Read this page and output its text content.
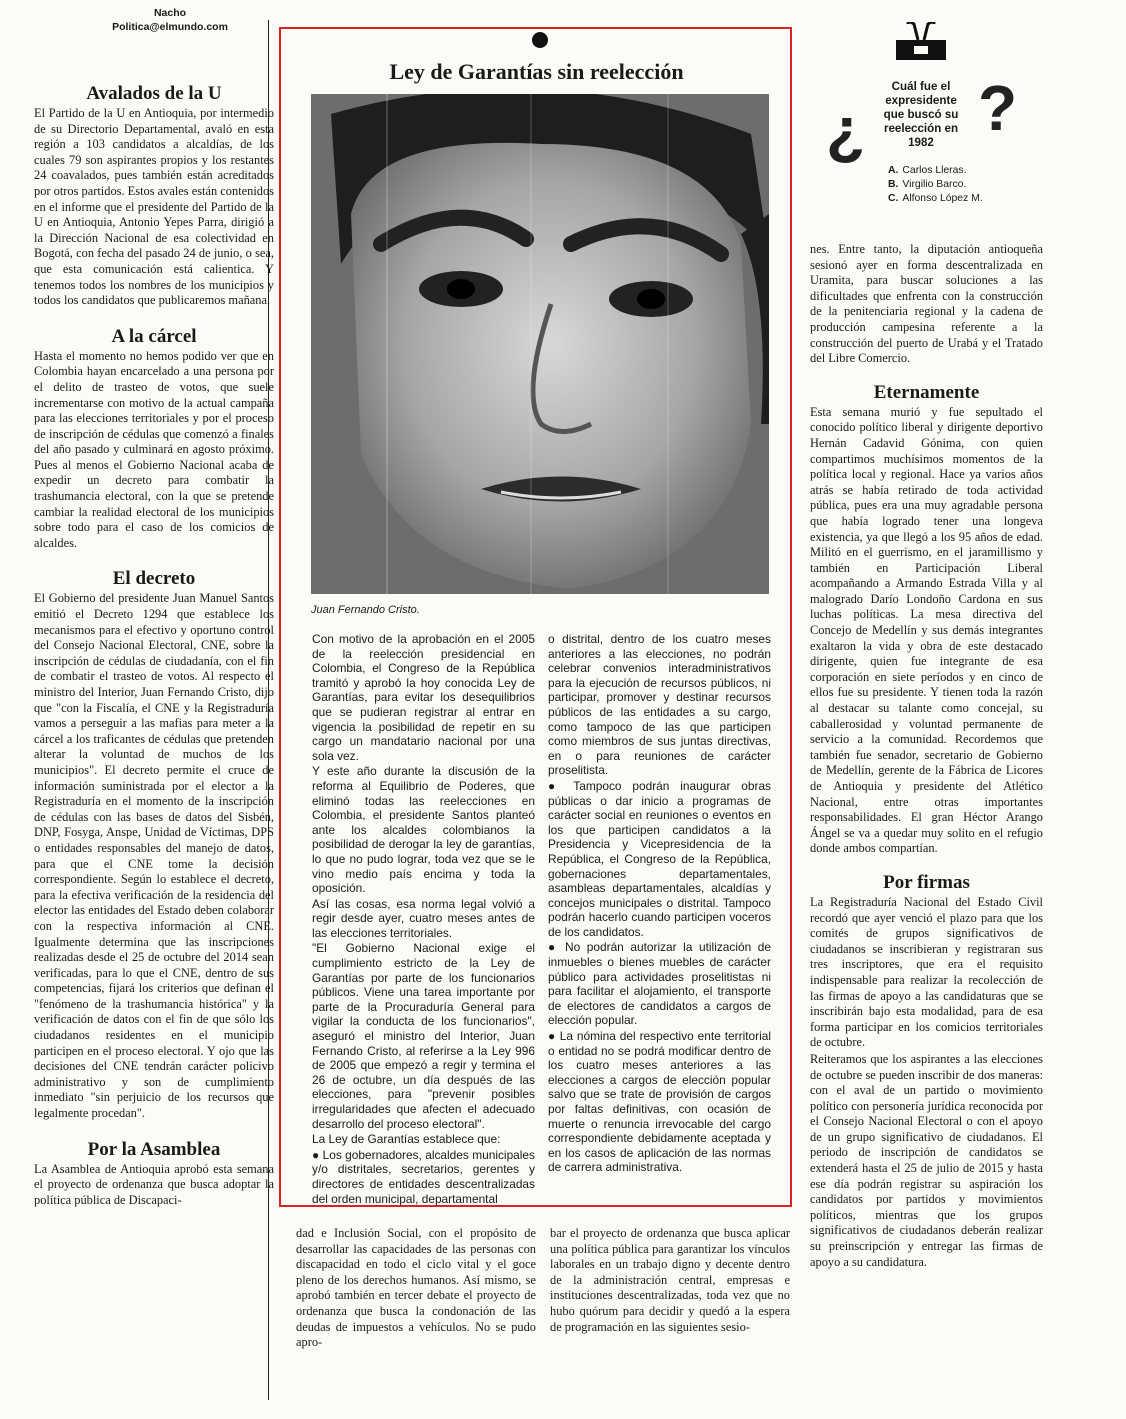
Nacho
Politica@elmundo.com
Avalados de la U

El Partido de la U en Antioquia, por intermedio de su Directorio Departamental, avaló en esta región a 103 candidatos a alcaldías, de los cuales 79 son aspirantes propios y los restantes 24 coavalados, pues también están acreditados por otros partidos. Estos avales están contenidos en el informe que el presidente del Partido de la U en Antioquia, Antonio Yepes Parra, dirigió a la Dirección Nacional de esa colectividad en Bogotá, con fecha del pasado 24 de junio, o sea, que esta comunicación está calientica. Y tenemos todos los nombres de los municipios y todos los candidatos que publicaremos mañana.

A la cárcel

Hasta el momento no hemos podido ver que en Colombia hayan encarcelado a una persona por el delito de trasteo de votos, que suele incrementarse con motivo de la actual campaña para las elecciones territoriales y por el proceso de inscripción de cédulas que comenzó a finales del año pasado y culminará en agosto próximo. Pues al menos el Gobierno Nacional acaba de expedir un decreto para combatir la trashumancia electoral, con la que se pretende cambiar la realidad electoral de los municipios sobre todo para el caso de los comicios de alcaldes.

El decreto

El Gobierno del presidente Juan Manuel Santos emitió el Decreto 1294 que establece los mecanismos para el efectivo y oportuno control del Consejo Nacional Electoral, CNE, sobre la inscripción de cédulas de ciudadanía, con el fin de combatir el trasteo de votos. Al respecto el ministro del Interior, Juan Fernando Cristo, dijo que "con la Fiscalía, el CNE y la Registraduría vamos a perseguir a las mafias para meter a la cárcel a los traficantes de cédulas que pretenden alterar la voluntad de muchos de los municipios". El decreto permite el cruce de información suministrada por el elector a la Registraduría en el momento de la inscripción de cédulas con las bases de datos del Sisbén, DNP, Fosyga, Anspe, Unidad de Víctimas, DPS o entidades responsables del manejo de datos, para que el CNE tome la decisión correspondiente. Según lo establece el decreto, para la efectiva verificación de la residencia del elector las entidades del Estado deben colaborar con la respectiva información al CNE. Igualmente determina que las inscripciones realizadas desde el 25 de octubre del 2014 sean verificadas, para lo que el CNE, dentro de sus competencias, fijará los criterios que definan el "fenómeno de la trashumancia histórica" y la verificación de datos con el fin de que sólo los ciudadanos residentes en el municipio participen en el proceso electoral. Y ojo que las decisiones del CNE tendrán carácter policivo administrativo y son de cumplimiento inmediato "sin perjuicio de los recursos que legalmente procedan".

Por la Asamblea

La Asamblea de Antioquia aprobó esta semana el proyecto de ordenanza que busca adoptar la política pública de Discapaci-

Ley de Garantías sin reelección
Juan Fernando Cristo.

Con motivo de la aprobación en el 2005 de la reelección presidencial en Colombia, el Congreso de la República tramitó y aprobó la hoy conocida Ley de Garantías, para evitar los desequilibrios que se pudieran registrar al entrar en vigencia la posibilidad de repetir en su cargo un mandatario nacional por una sola vez.

Y este año durante la discusión de la reforma al Equilibrio de Poderes, que eliminó todas las reelecciones en Colombia, el presidente Santos planteó ante los alcaldes colombianos la posibilidad de derogar la ley de garantías, lo que no pudo lograr, toda vez que se le vino medio país encima y toda la oposición.

Así las cosas, esa norma legal volvió a regir desde ayer, cuatro meses antes de las elecciones territoriales.

"El Gobierno Nacional exige el cumplimiento estricto de la Ley de Garantías por parte de los funcionarios públicos. Viene una tarea importante por parte de la Procuraduría General para vigilar la conducta de los funcionarios", aseguró el ministro del Interior, Juan Fernando Cristo, al referirse a la Ley 996 de 2005 que empezó a regir y termina el 26 de octubre, un día después de las elecciones, para "prevenir posibles irregularidades que afecten el adecuado desarrollo del proceso electoral".

La Ley de Garantías establece que:

● Los gobernadores, alcaldes municipales y/o distritales, secretarios, gerentes y directores de entidades descentralizadas del orden municipal, departamental

o distrital, dentro de los cuatro meses anteriores a las elecciones, no podrán celebrar convenios interadministrativos para la ejecución de recursos públicos, ni participar, promover y destinar recursos públicos de las entidades a su cargo, como tampoco de las que participen como miembros de sus juntas directivas, en o para reuniones de carácter proselitista.

● Tampoco podrán inaugurar obras públicas o dar inicio a programas de carácter social en reuniones o eventos en los que participen candidatos a la Presidencia y Vicepresidencia de la República, el Congreso de la República, gobernaciones departamentales, asambleas departamentales, alcaldías y concejos municipales o distrital. Tampoco podrán hacerlo cuando participen voceros de los candidatos.

● No podrán autorizar la utilización de inmuebles o bienes muebles de carácter público para actividades proselitistas ni para facilitar el alojamiento, el transporte de electores de candidatos a cargos de elección popular.

● La nómina del respectivo ente territorial o entidad no se podrá modificar dentro de los cuatro meses anteriores a las elecciones a cargos de elección popular salvo que se trate de provisión de cargos por faltas definitivas, con ocasión de muerte o renuncia irrevocable del cargo correspondiente debidamente aceptada y en los casos de aplicación de las normas de carrera administrativa.

dad e Inclusión Social, con el propósito de desarrollar las capacidades de las personas con discapacidad en todo el ciclo vital y el goce pleno de los derechos humanos. Así mismo, se aprobó también en tercer debate el proyecto de ordenanza que busca la condonación de las deudas de impuestos a vehículos. No se pudo apro-

bar el proyecto de ordenanza que busca aplicar una política pública para garantizar los vínculos laborales en un trabajo digno y decente dentro de la administración central, empresas e instituciones descentralizadas, toda vez que no hubo quórum para decidir y quedó a la espera de programación en las siguientes sesio-

¿ ?
Cuál fue el expresidente que buscó su reelección en 1982
A. Carlos Lleras.
B. Virgilio Barco.
C. Alfonso López M.

nes. Entre tanto, la diputación antioqueña sesionó ayer en forma descentralizada en Uramita, para buscar soluciones a las dificultades que enfrenta con la construcción de la penitenciaria regional y la cadena de producción campesina referente a la construcción del puerto de Urabá y el Tratado del Libre Comercio.

Eternamente

Esta semana murió y fue sepultado el conocido político liberal y dirigente deportivo Hernán Cadavid Gónima, con quien compartimos muchísimos momentos de la política local y regional. Hace ya varios años atrás se había retirado de toda actividad pública, pues era una muy agradable persona que había logrado tener una longeva existencia, ya que llegó a los 95 años de edad. Militó en el guerrismo, en el jaramillismo y también en Participación Liberal acompañando a Armando Estrada Villa y al malogrado Darío Londoño Cardona en sus luchas políticas. La mesa directiva del Concejo de Medellín y sus demás integrantes exaltaron la vida y obra de este destacado dirigente, quien fue integrante de esa corporación en siete períodos y en cinco de ellos fue su presidente. Y tienen toda la razón al destacar su talante como concejal, su caballerosidad y voluntad permanente de servicio a la comunidad. Recordemos que también fue senador, secretario de Gobierno de Medellín, gerente de la Fábrica de Licores de Antioquia y presidente del Atlético Nacional, entre otras importantes responsabilidades. El gran Héctor Arango Ángel se va a quedar muy solito en el refugio donde ambos compartían.

Por firmas

La Registraduría Nacional del Estado Civil recordó que ayer venció el plazo para que los comités de grupos significativos de ciudadanos se inscribieran y registraran sus tres inscriptores, que era el requisito indispensable para realizar la recolección de las firmas de apoyo a las candidaturas que se inscribirán bajo esta modalidad, para de esa forma participar en los comicios territoriales de octubre.

Reiteramos que los aspirantes a las elecciones de octubre se pueden inscribir de dos maneras: con el aval de un partido o movimiento político con personería jurídica reconocida por el Consejo Nacional Electoral o con el apoyo de un grupo significativo de ciudadanos. El periodo de inscripción de candidatos se extenderá hasta el 25 de julio de 2015 y hasta ese día podrán registrar su aspiración los candidatos por partidos y movimientos políticos, mientras que los grupos significativos de ciudadanos deberán realizar su preinscripción y entregar las firmas de apoyo a su candidatura.
